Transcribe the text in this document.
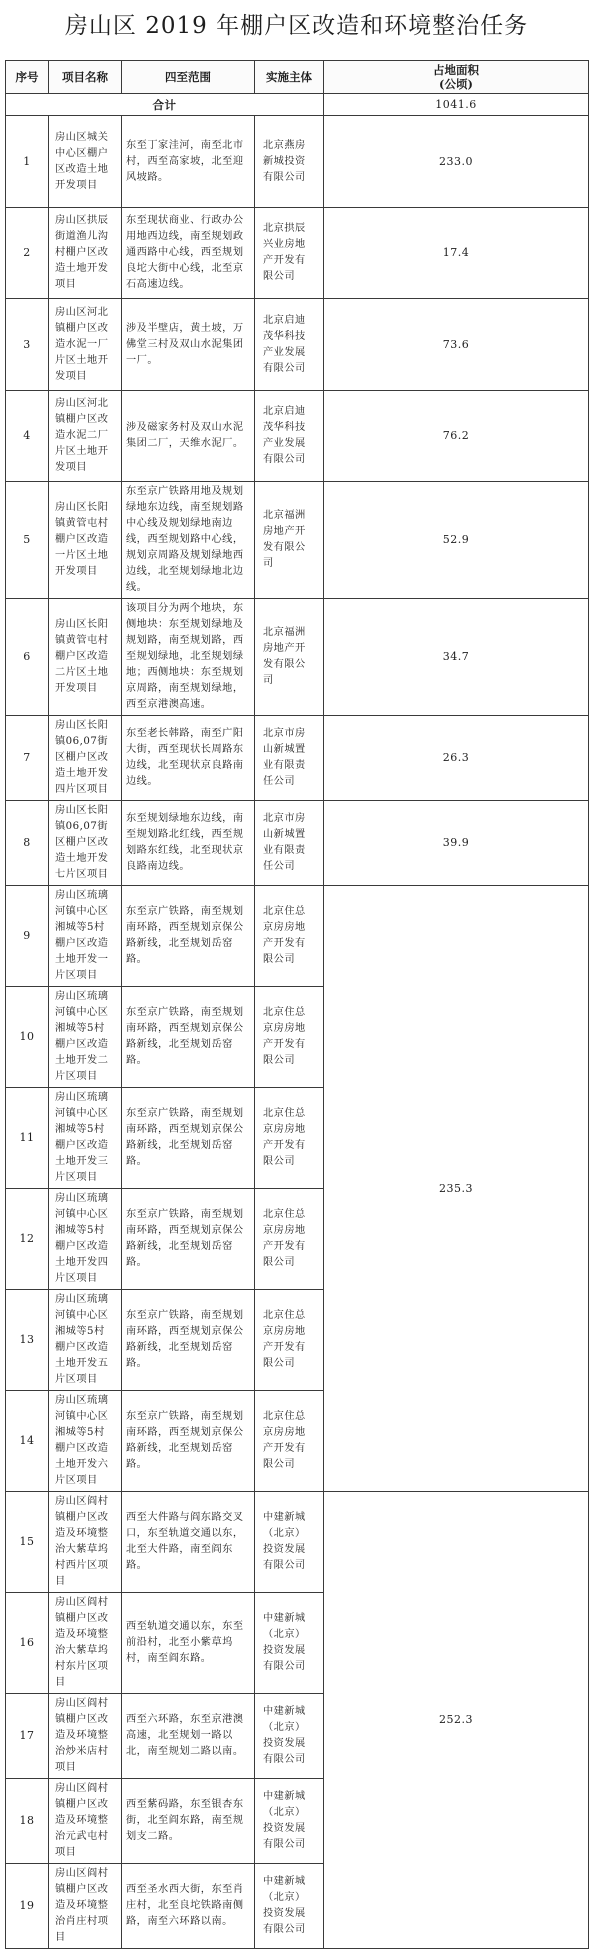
房山区 2019 年棚户区改造和环境整治任务
序号	项目名称	四至范围	实施主体	占地面积
(公顷)
合计				1041.6
1	房山区城关中心区棚户区改造土地开发项目	东至丁家洼河，南至北市村，西至高家坡，北至迎风坡路。	北京燕房新城投资有限公司	233.0
2	房山区拱辰街道渔儿沟村棚户区改造土地开发项目	东至现状商业、行政办公用地西边线，南至规划政通西路中心线，西至规划良坨大街中心线，北至京石高速边线。	北京拱辰兴业房地产开发有限公司	17.4
3	房山区河北镇棚户区改造水泥一厂片区土地开发项目	涉及半壁店，黄土坡，万佛堂三村及双山水泥集团一厂。	北京启迪茂华科技产业发展有限公司	73.6
4	房山区河北镇棚户区改造水泥二厂片区土地开发项目	涉及磁家务村及双山水泥集团二厂，天维水泥厂。	北京启迪茂华科技产业发展有限公司	76.2
5	房山区长阳镇黄管屯村棚户区改造一片区土地开发项目	东至京广铁路用地及规划绿地东边线，南至规划路中心线及规划绿地南边线，西至规划路中心线，规划京周路及规划绿地西边线，北至规划绿地北边线。	北京福洲房地产开发有限公司	52.9
6	房山区长阳镇黄管屯村棚户区改造二片区土地开发项目	该项目分为两个地块，东侧地块：东至规划绿地及规划路，南至规划路，西至规划绿地，北至规划绿地；西侧地块：东至规划京周路，南至规划绿地，西至京港澳高速。	北京福洲房地产开发有限公司	34.7
7	房山区长阳镇06,07街区棚户区改造土地开发四片区项目	东至老长韩路，南至广阳大街，西至现状长周路东边线，北至现状京良路南边线。	北京市房山新城置业有限责任公司	26.3
8	房山区长阳镇06,07街区棚户区改造土地开发七片区项目	东至规划绿地东边线，南至规划路北红线，西至规划路东红线，北至现状京良路南边线。	北京市房山新城置业有限责任公司	39.9
9	房山区琉璃河镇中心区湘城等5村棚户区改造土地开发一片区项目	东至京广铁路，南至规划南环路，西至规划京保公路新线，北至规划岳窑路。	北京住总京房房地产开发有限公司	235.3
10	房山区琉璃河镇中心区湘城等5村棚户区改造土地开发二片区项目	东至京广铁路，南至规划南环路，西至规划京保公路新线，北至规划岳窑路。	北京住总京房房地产开发有限公司	
11	房山区琉璃河镇中心区湘城等5村棚户区改造土地开发三片区项目	东至京广铁路，南至规划南环路，西至规划京保公路新线，北至规划岳窑路。	北京住总京房房地产开发有限公司	
12	房山区琉璃河镇中心区湘城等5村棚户区改造土地开发四片区项目	东至京广铁路，南至规划南环路，西至规划京保公路新线，北至规划岳窑路。	北京住总京房房地产开发有限公司	
13	房山区琉璃河镇中心区湘城等5村棚户区改造土地开发五片区项目	东至京广铁路，南至规划南环路，西至规划京保公路新线，北至规划岳窑路。	北京住总京房房地产开发有限公司	
14	房山区琉璃河镇中心区湘城等5村棚户区改造土地开发六片区项目	东至京广铁路，南至规划南环路，西至规划京保公路新线，北至规划岳窑路。	北京住总京房房地产开发有限公司	
15	房山区阎村镇棚户区改造及环境整治大紫草坞村西片区项目	西至大件路与阎东路交叉口，东至轨道交通以东，北至大件路，南至阎东路。	中建新城（北京）投资发展有限公司	252.3
16	房山区阎村镇棚户区改造及环境整治大紫草坞村东片区项目	西至轨道交通以东，东至前沿村，北至小紫草坞村，南至阎东路。	中建新城（北京）投资发展有限公司	
17	房山区阎村镇棚户区改造及环境整治炒米店村项目	西至六环路，东至京港澳高速，北至规划一路以北，南至规划二路以南。	中建新城（北京）投资发展有限公司	
18	房山区阎村镇棚户区改造及环境整治元武屯村项目	西至紫码路，东至银杏东街，北至阎东路，南至规划支二路。	中建新城（北京）投资发展有限公司	
19	房山区阎村镇棚户区改造及环境整治肖庄村项目	西至圣水西大街，东至肖庄村，北至良坨铁路南侧路，南至六环路以南。	中建新城（北京）投资发展有限公司	
